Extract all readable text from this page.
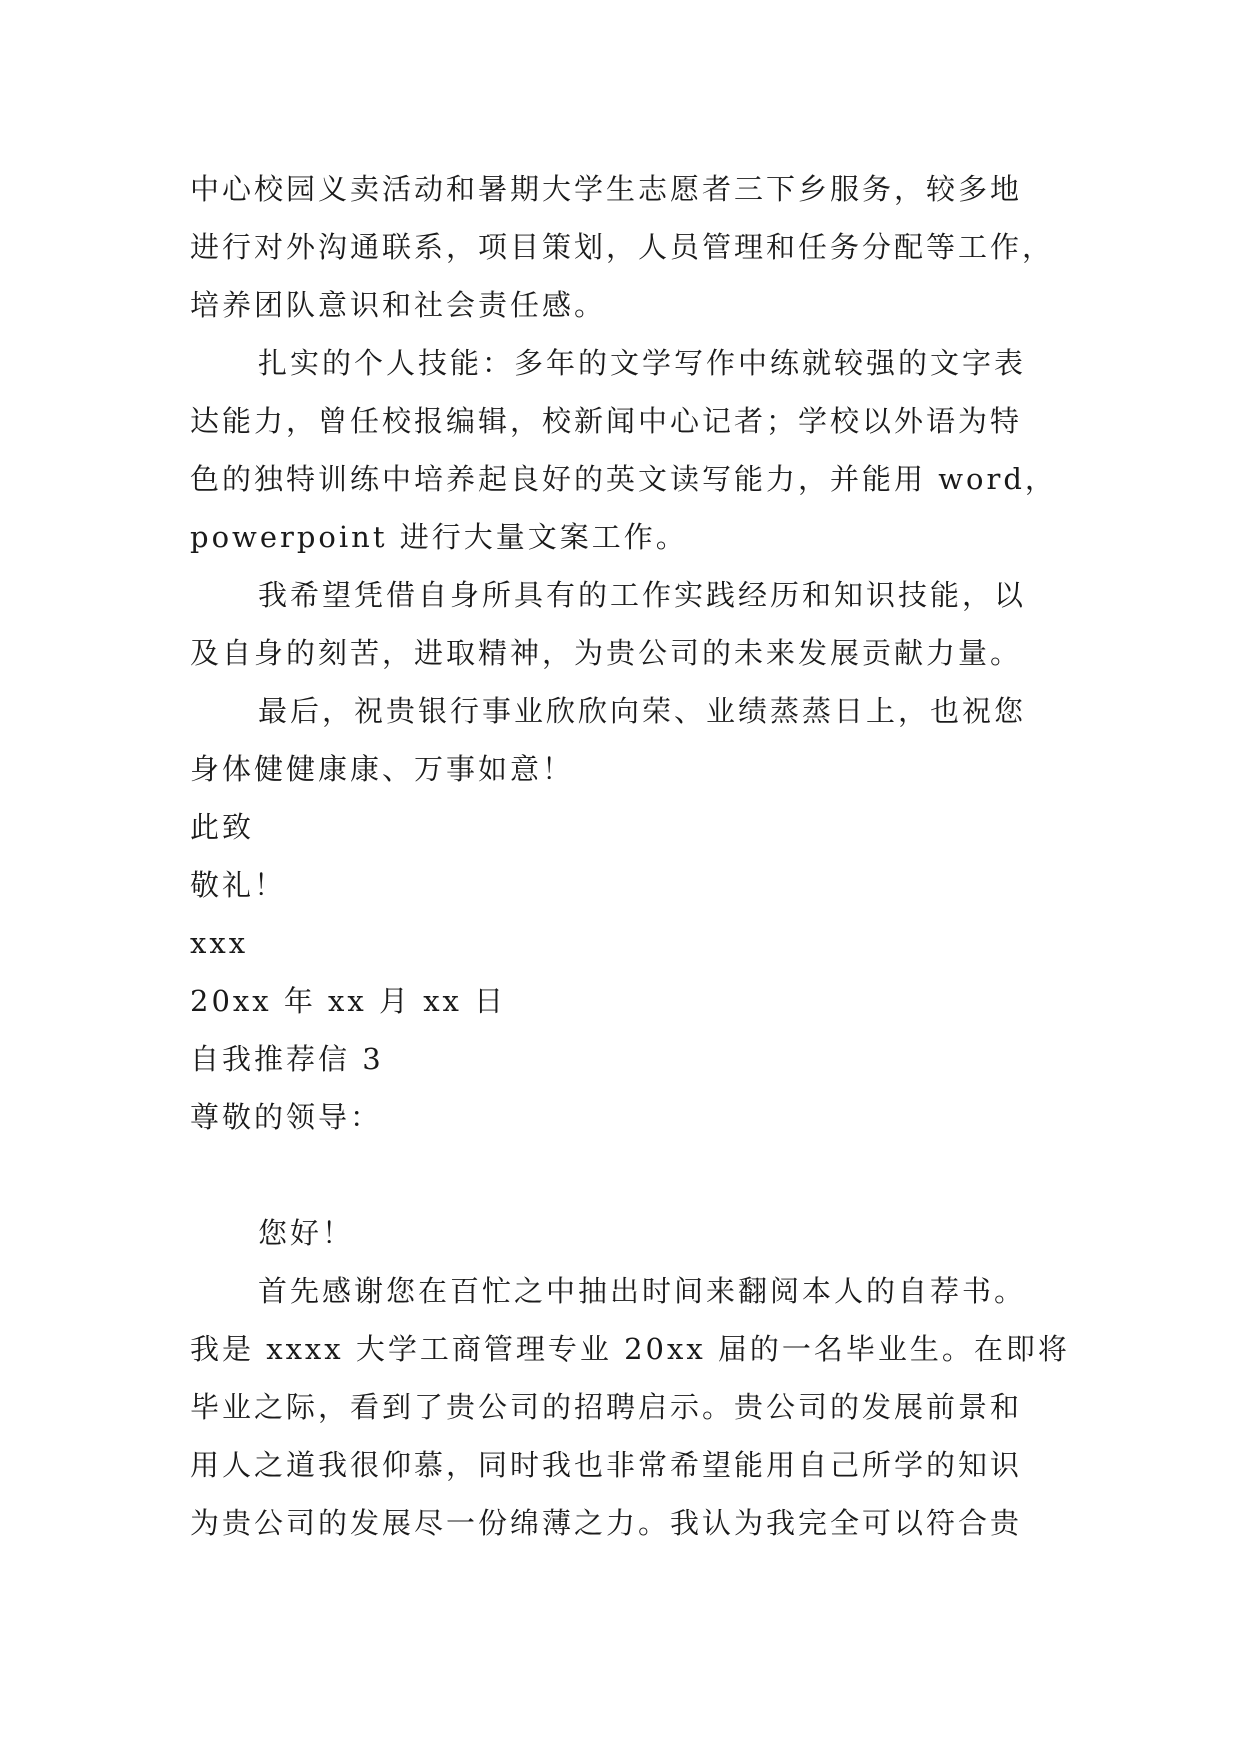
中心校园义卖活动和暑期大学生志愿者三下乡服务，较多地
进行对外沟通联系，项目策划，人员管理和任务分配等工作，
培养团队意识和社会责任感。
扎实的个人技能：多年的文学写作中练就较强的文字表
达能力，曾任校报编辑，校新闻中心记者；学校以外语为特
色的独特训练中培养起良好的英文读写能力，并能用 word，
powerpoint 进行大量文案工作。
我希望凭借自身所具有的工作实践经历和知识技能，以
及自身的刻苦，进取精神，为贵公司的未来发展贡献力量。
最后，祝贵银行事业欣欣向荣、业绩蒸蒸日上，也祝您
身体健健康康、万事如意！
此致
敬礼！
xxx
20xx 年 xx 月 xx 日
自我推荐信 3
尊敬的领导：
您好！
首先感谢您在百忙之中抽出时间来翻阅本人的自荐书。
我是 xxxx 大学工商管理专业 20xx 届的一名毕业生。在即将
毕业之际，看到了贵公司的招聘启示。贵公司的发展前景和
用人之道我很仰慕，同时我也非常希望能用自己所学的知识
为贵公司的发展尽一份绵薄之力。我认为我完全可以符合贵
